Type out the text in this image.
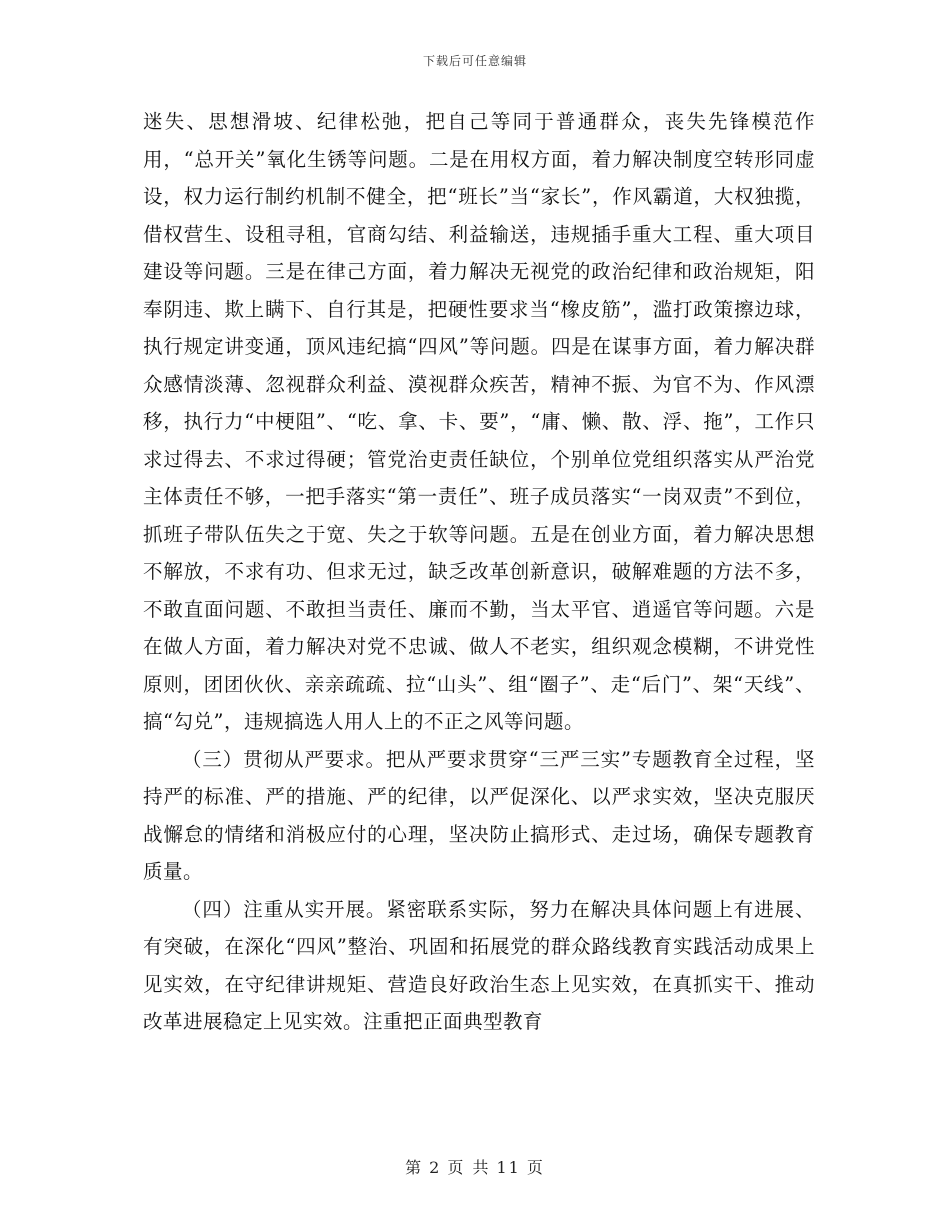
下载后可任意编辑

迷失、思想滑坡、纪律松弛，把自己等同于普通群众，丧失先锋模范作用，“总开关”氧化生锈等问题。二是在用权方面，着力解决制度空转形同虚设，权力运行制约机制不健全，把“班长”当“家长”，作风霸道，大权独揽，借权营生、设租寻租，官商勾结、利益输送，违规插手重大工程、重大项目建设等问题。三是在律己方面，着力解决无视党的政治纪律和政治规矩，阳奉阴违、欺上瞒下、自行其是，把硬性要求当“橡皮筋”，滥打政策擦边球，执行规定讲变通，顶风违纪搞“四风”等问题。四是在谋事方面，着力解决群众感情淡薄、忽视群众利益、漠视群众疾苦，精神不振、为官不为、作风漂移，执行力“中梗阻”、“吃、拿、卡、要”，“庸、懒、散、浮、拖”，工作只求过得去、不求过得硬；管党治吏责任缺位，个别单位党组织落实从严治党主体责任不够，一把手落实“第一责任”、班子成员落实“一岗双责”不到位，抓班子带队伍失之于宽、失之于软等问题。五是在创业方面，着力解决思想不解放，不求有功、但求无过，缺乏改革创新意识，破解难题的方法不多，不敢直面问题、不敢担当责任、廉而不勤，当太平官、逍遥官等问题。六是在做人方面，着力解决对党不忠诚、做人不老实，组织观念模糊，不讲党性原则，团团伙伙、亲亲疏疏、拉“山头”、组“圈子”、走“后门”、架“天线”、搞“勾兑”，违规搞选人用人上的不正之风等问题。

（三）贯彻从严要求。把从严要求贯穿“三严三实”专题教育全过程，坚持严的标准、严的措施、严的纪律，以严促深化、以严求实效，坚决克服厌战懈怠的情绪和消极应付的心理，坚决防止搞形式、走过场，确保专题教育质量。

（四）注重从实开展。紧密联系实际，努力在解决具体问题上有进展、有突破，在深化“四风”整治、巩固和拓展党的群众路线教育实践活动成果上见实效，在守纪律讲规矩、营造良好政治生态上见实效，在真抓实干、推动改革进展稳定上见实效。注重把正面典型教育

第 2 页 共 11 页
